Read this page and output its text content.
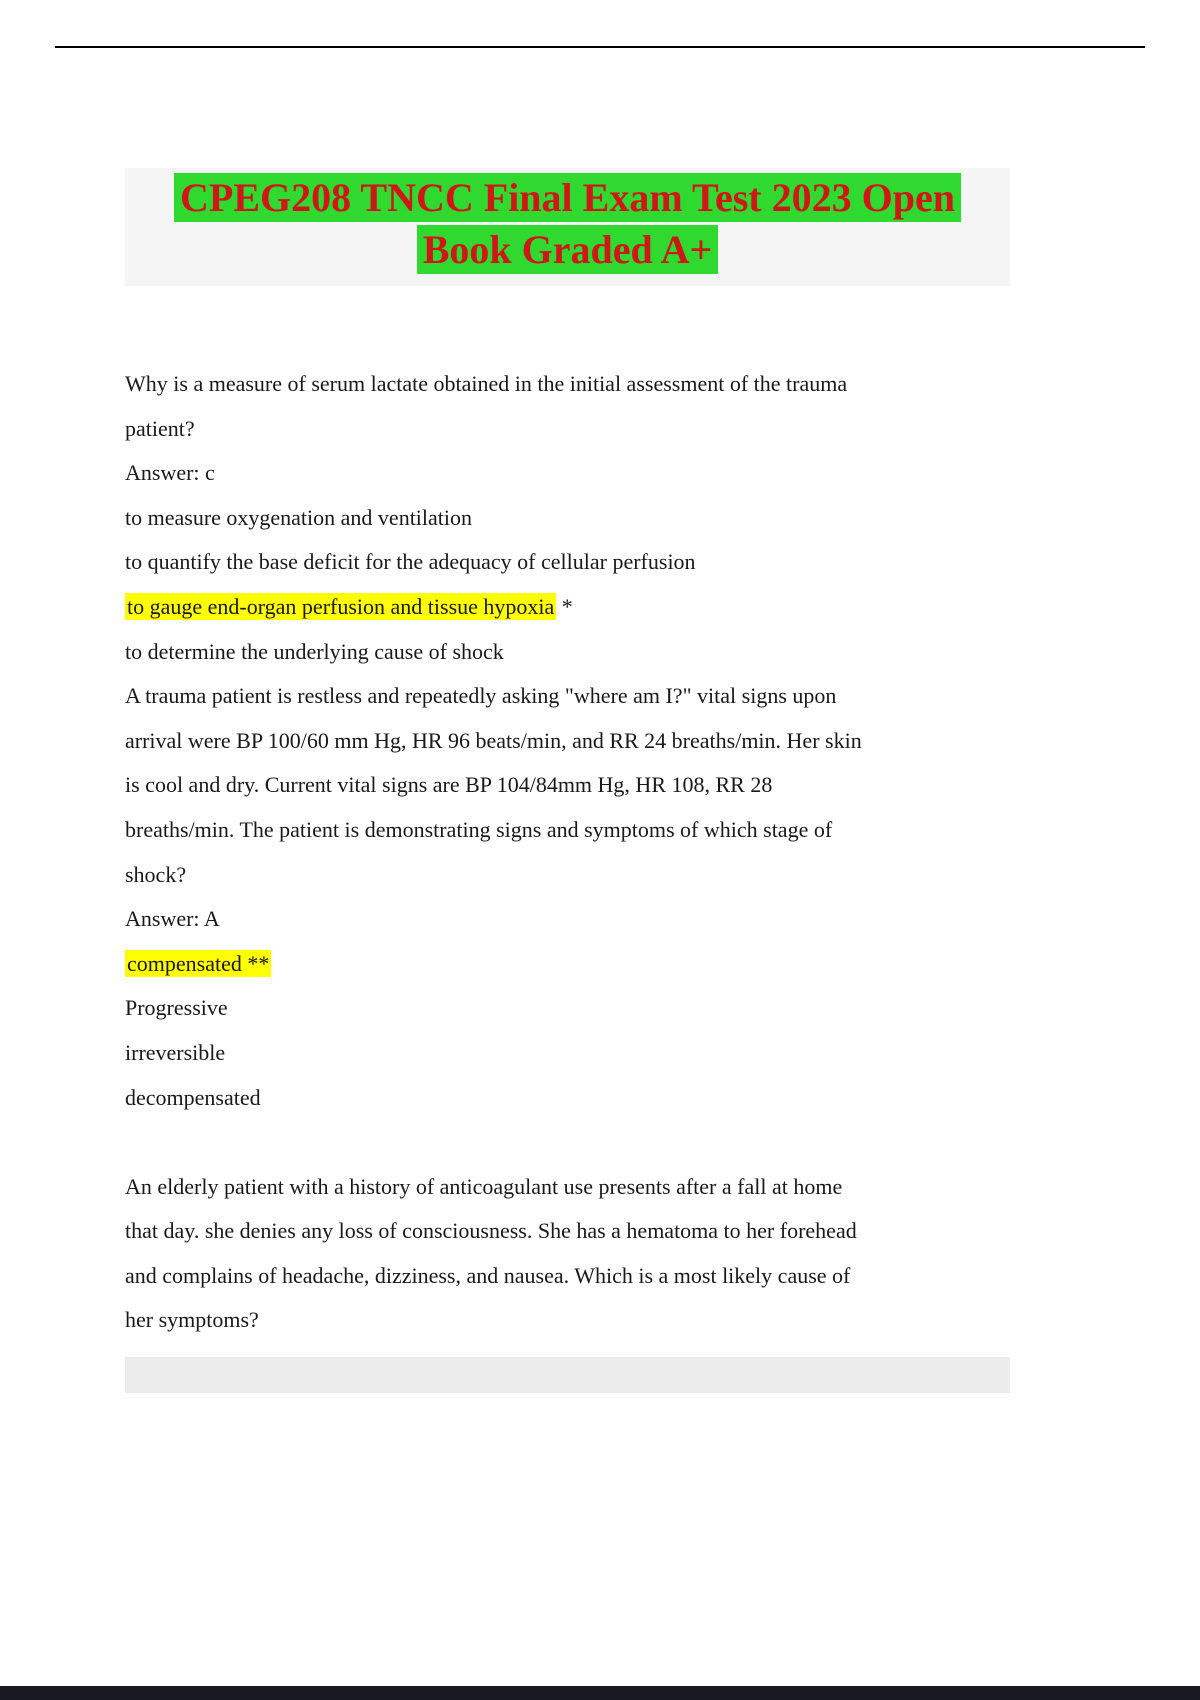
CPEG208 TNCC Final Exam Test 2023 Open
Book Graded A+
Why is a measure of serum lactate obtained in the initial assessment of the trauma
patient?
Answer: c
to measure oxygenation and ventilation
to quantify the base deficit for the adequacy of cellular perfusion
to gauge end-organ perfusion and tissue hypoxia *
to determine the underlying cause of shock
A trauma patient is restless and repeatedly asking "where am I?" vital signs upon
arrival were BP 100/60 mm Hg, HR 96 beats/min, and RR 24 breaths/min. Her skin
is cool and dry. Current vital signs are BP 104/84mm Hg, HR 108, RR 28
breaths/min. The patient is demonstrating signs and symptoms of which stage of
shock?
Answer: A
compensated **
Progressive
irreversible
decompensated

An elderly patient with a history of anticoagulant use presents after a fall at home
that day. she denies any loss of consciousness. She has a hematoma to her forehead
and complains of headache, dizziness, and nausea. Which is a most likely cause of
her symptoms?
